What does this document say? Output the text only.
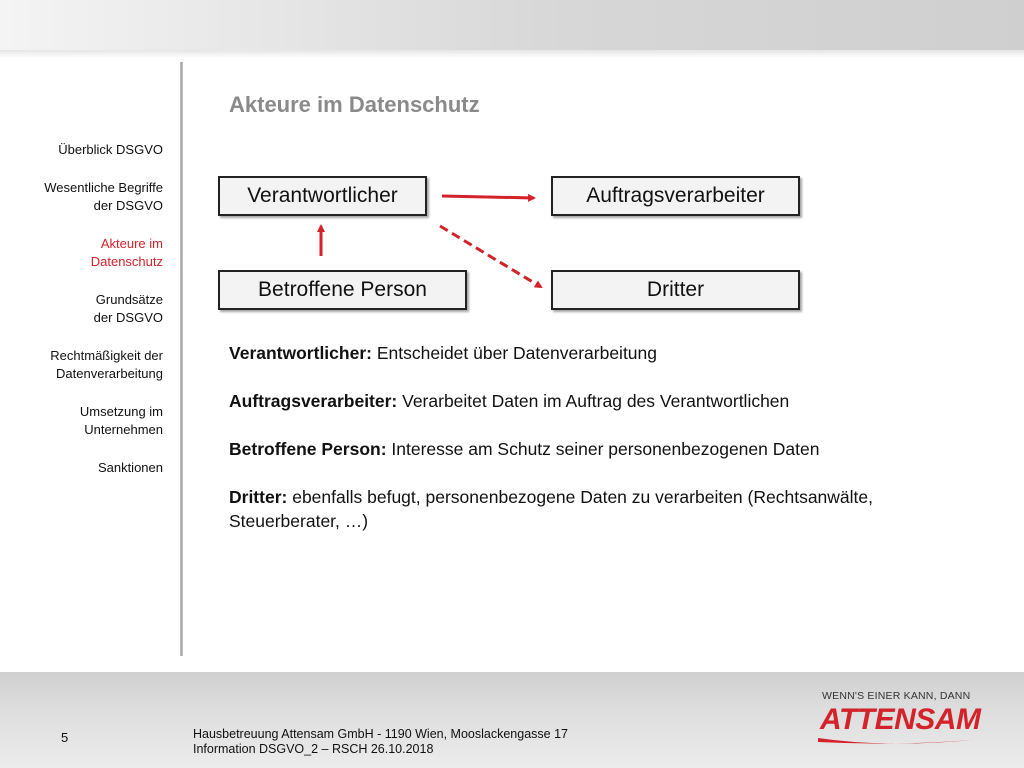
Überblick DSGVO
Wesentliche Begriffe
der DSGVO
Akteure im
Datenschutz
Grundsätze
der DSGVO
Rechtmäßigkeit der
Datenverarbeitung
Umsetzung im
Unternehmen
Sanktionen
Akteure im Datenschutz
Verantwortlicher	Auftragsverarbeiter
Betroffene Person	Dritter

Verantwortlicher: Entscheidet über Datenverarbeitung

Auftragsverarbeiter: Verarbeitet Daten im Auftrag des Verantwortlichen

Betroffene Person: Interesse am Schutz seiner personenbezogenen Daten

Dritter: ebenfalls befugt, personenbezogene Daten zu verarbeiten (Rechtsanwälte, Steuerberater, …)

5	Hausbetreuung Attensam GmbH - 1190 Wien, Mooslackengasse 17
Information DSGVO_2 – RSCH 26.10.2018
WENN'S EINER KANN, DANN
ATTENSAM
